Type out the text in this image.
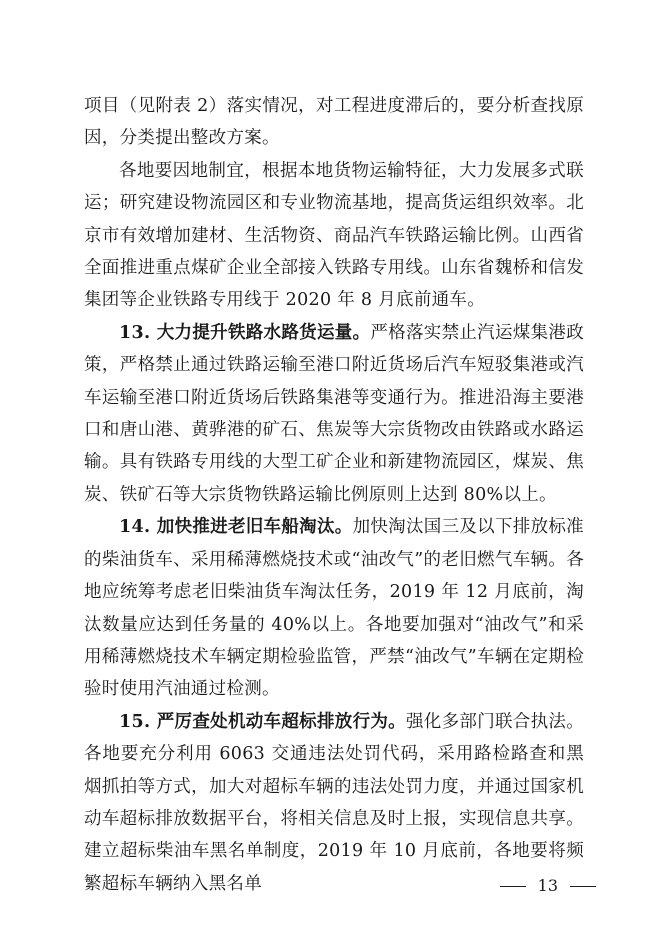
项目（见附表 2）落实情况，对工程进度滞后的，要分析查找原因，分类提出整改方案。

各地要因地制宜，根据本地货物运输特征，大力发展多式联运；研究建设物流园区和专业物流基地，提高货运组织效率。北京市有效增加建材、生活物资、商品汽车铁路运输比例。山西省全面推进重点煤矿企业全部接入铁路专用线。山东省魏桥和信发集团等企业铁路专用线于 2020 年 8 月底前通车。

13. 大力提升铁路水路货运量。严格落实禁止汽运煤集港政策，严格禁止通过铁路运输至港口附近货场后汽车短驳集港或汽车运输至港口附近货场后铁路集港等变通行为。推进沿海主要港口和唐山港、黄骅港的矿石、焦炭等大宗货物改由铁路或水路运输。具有铁路专用线的大型工矿企业和新建物流园区，煤炭、焦炭、铁矿石等大宗货物铁路运输比例原则上达到 80%以上。

14. 加快推进老旧车船淘汰。加快淘汰国三及以下排放标准的柴油货车、采用稀薄燃烧技术或“油改气”的老旧燃气车辆。各地应统筹考虑老旧柴油货车淘汰任务，2019 年 12 月底前，淘汰数量应达到任务量的 40%以上。各地要加强对“油改气”和采用稀薄燃烧技术车辆定期检验监管，严禁“油改气”车辆在定期检验时使用汽油通过检测。

15. 严厉查处机动车超标排放行为。强化多部门联合执法。各地要充分利用 6063 交通违法处罚代码，采用路检路查和黑烟抓拍等方式，加大对超标车辆的违法处罚力度，并通过国家机动车超标排放数据平台，将相关信息及时上报，实现信息共享。建立超标柴油车黑名单制度，2019 年 10 月底前，各地要将频繁超标车辆纳入黑名单	13
